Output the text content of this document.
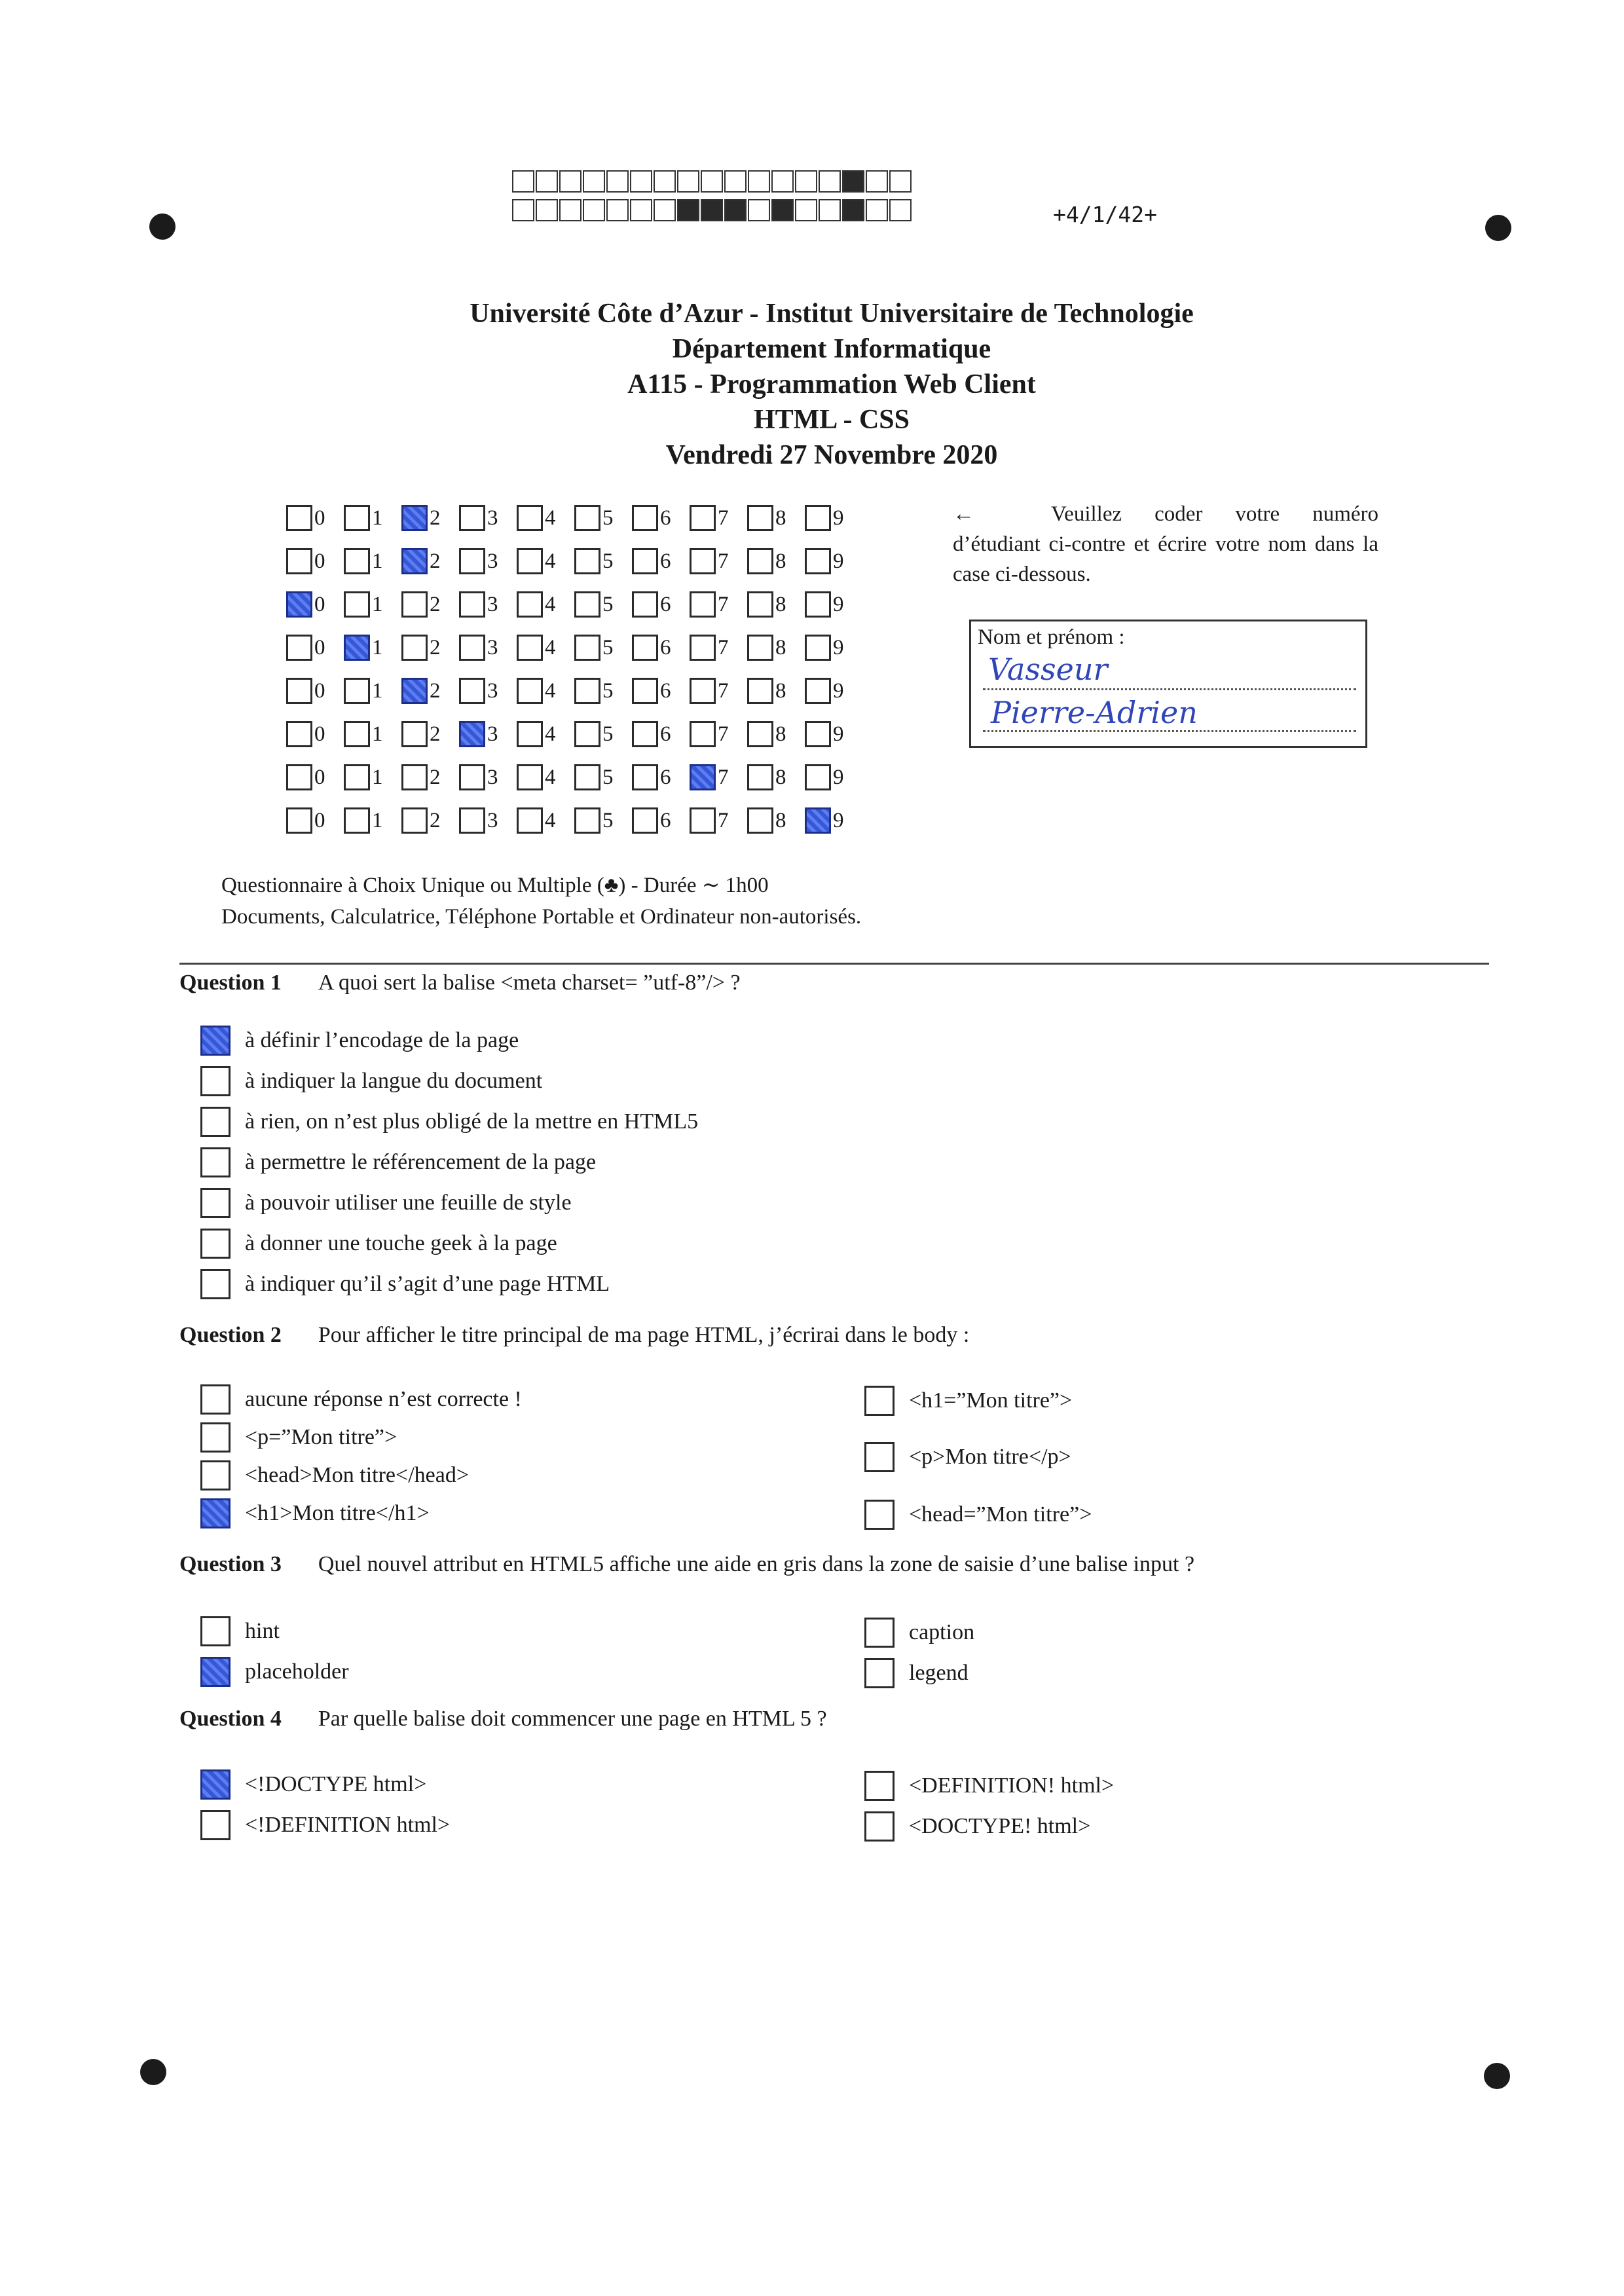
+4/1/42+
Université Côte d’Azur - Institut Universitaire de Technologie
Département Informatique
A115 - Programmation Web Client
HTML - CSS
Vendredi 27 Novembre 2020
0 1 2 3 4 5 6 7 8 9
0 1 2 3 4 5 6 7 8 9
0 1 2 3 4 5 6 7 8 9
0 1 2 3 4 5 6 7 8 9
0 1 2 3 4 5 6 7 8 9
0 1 2 3 4 5 6 7 8 9
0 1 2 3 4 5 6 7 8 9
0 1 2 3 4 5 6 7 8 9
←	Veuillez coder votre numéro d’étudiant ci-contre et écrire votre nom dans la case ci-dessous.
Nom et prénom :
Vasseur
Pierre-Adrien
Questionnaire à Choix Unique ou Multiple (♣) - Durée ∼ 1h00
Documents, Calculatrice, Téléphone Portable et Ordinateur non-autorisés.
Question 1 A quoi sert la balise <meta charset= ”utf-8”/> ?
à définir l’encodage de la page
à indiquer la langue du document
à rien, on n’est plus obligé de la mettre en HTML5
à permettre le référencement de la page
à pouvoir utiliser une feuille de style
à donner une touche geek à la page
à indiquer qu’il s’agit d’une page HTML
Question 2 Pour afficher le titre principal de ma page HTML, j’écrirai dans le body :
aucune réponse n’est correcte !
<p=”Mon titre”>
<head>Mon titre</head>
<h1>Mon titre</h1>
<h1=”Mon titre”>
<p>Mon titre</p>
<head=”Mon titre”>
Question 3 Quel nouvel attribut en HTML5 affiche une aide en gris dans la zone de saisie d’une balise input ?
hint
placeholder
caption
legend
Question 4 Par quelle balise doit commencer une page en HTML 5 ?
<!DOCTYPE html>
<!DEFINITION html>
<DEFINITION! html>
<DOCTYPE! html>
